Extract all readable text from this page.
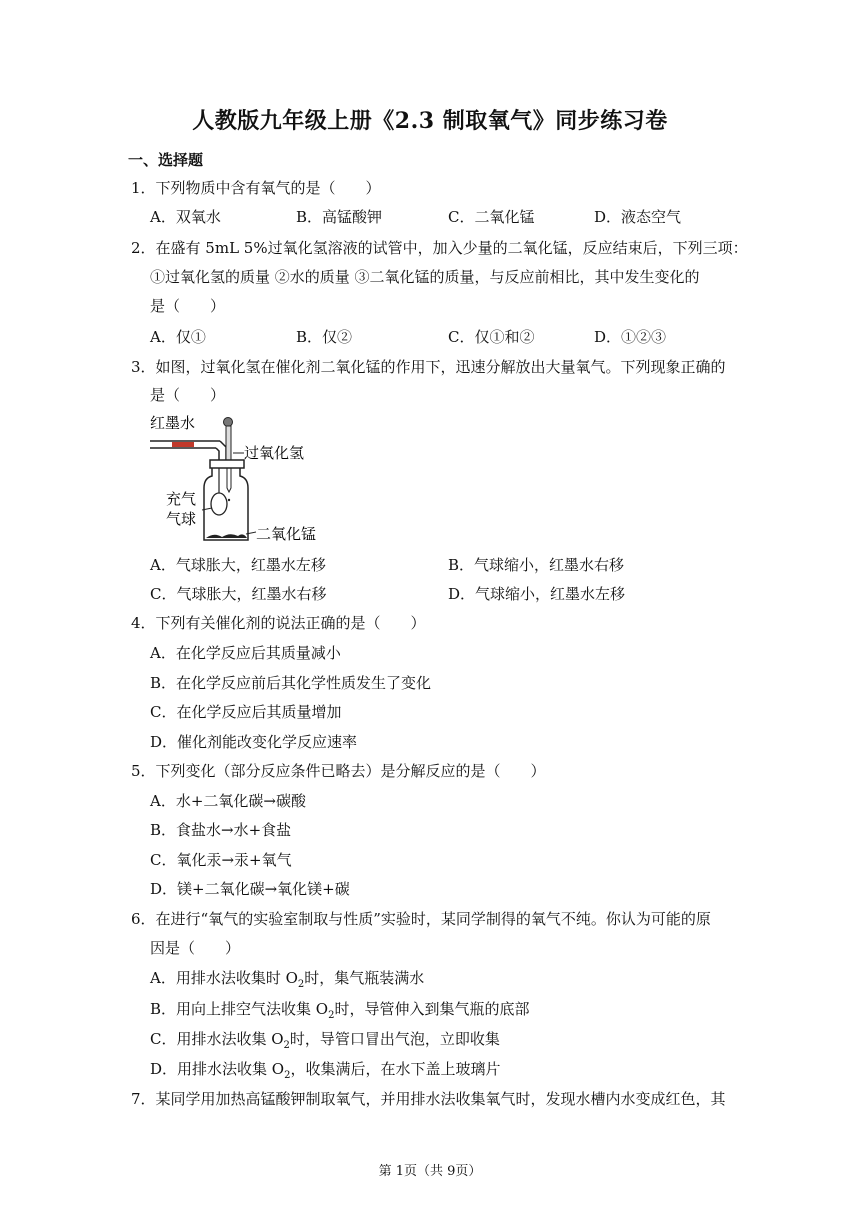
人教版九年级上册《2.3 制取氧气》同步练习卷
一、选择题
1．下列物质中含有氧气的是（　　）
A．双氧水	B．高锰酸钾	C．二氧化锰	D．液态空气
2．在盛有 5mL 5%过氧化氢溶液的试管中，加入少量的二氧化锰，反应结束后，下列三项：
①过氧化氢的质量 ②水的质量 ③二氧化锰的质量，与反应前相比，其中发生变化的
是（　　）
A．仅①	B．仅②	C．仅①和②	D．①②③
3．如图，过氧化氢在催化剂二氧化锰的作用下，迅速分解放出大量氧气。下列现象正确的
是（　　）
红墨水
过氧化氢
充气
气球
二氧化锰
A．气球胀大，红墨水左移	B．气球缩小，红墨水右移
C．气球胀大，红墨水右移	D．气球缩小，红墨水左移
4．下列有关催化剂的说法正确的是（　　）
A．在化学反应后其质量减小
B．在化学反应前后其化学性质发生了变化
C．在化学反应后其质量增加
D．催化剂能改变化学反应速率
5．下列变化（部分反应条件已略去）是分解反应的是（　　）
A．水+二氧化碳→碳酸
B．食盐水→水+食盐
C．氧化汞→汞+氧气
D．镁+二氧化碳→氧化镁+碳
6．在进行“氧气的实验室制取与性质”实验时，某同学制得的氧气不纯。你认为可能的原
因是（　　）
A．用排水法收集时 $O_2$时，集气瓶装满水
B．用向上排空气法收集 $O_2$时，导管伸入到集气瓶的底部
C．用排水法收集 $O_2$时，导管口冒出气泡，立即收集
D．用排水法收集 $O_2$，收集满后，在水下盖上玻璃片
7．某同学用加热高锰酸钾制取氧气，并用排水法收集氧气时，发现水槽内水变成红色，其
第 1页（共 9页）
